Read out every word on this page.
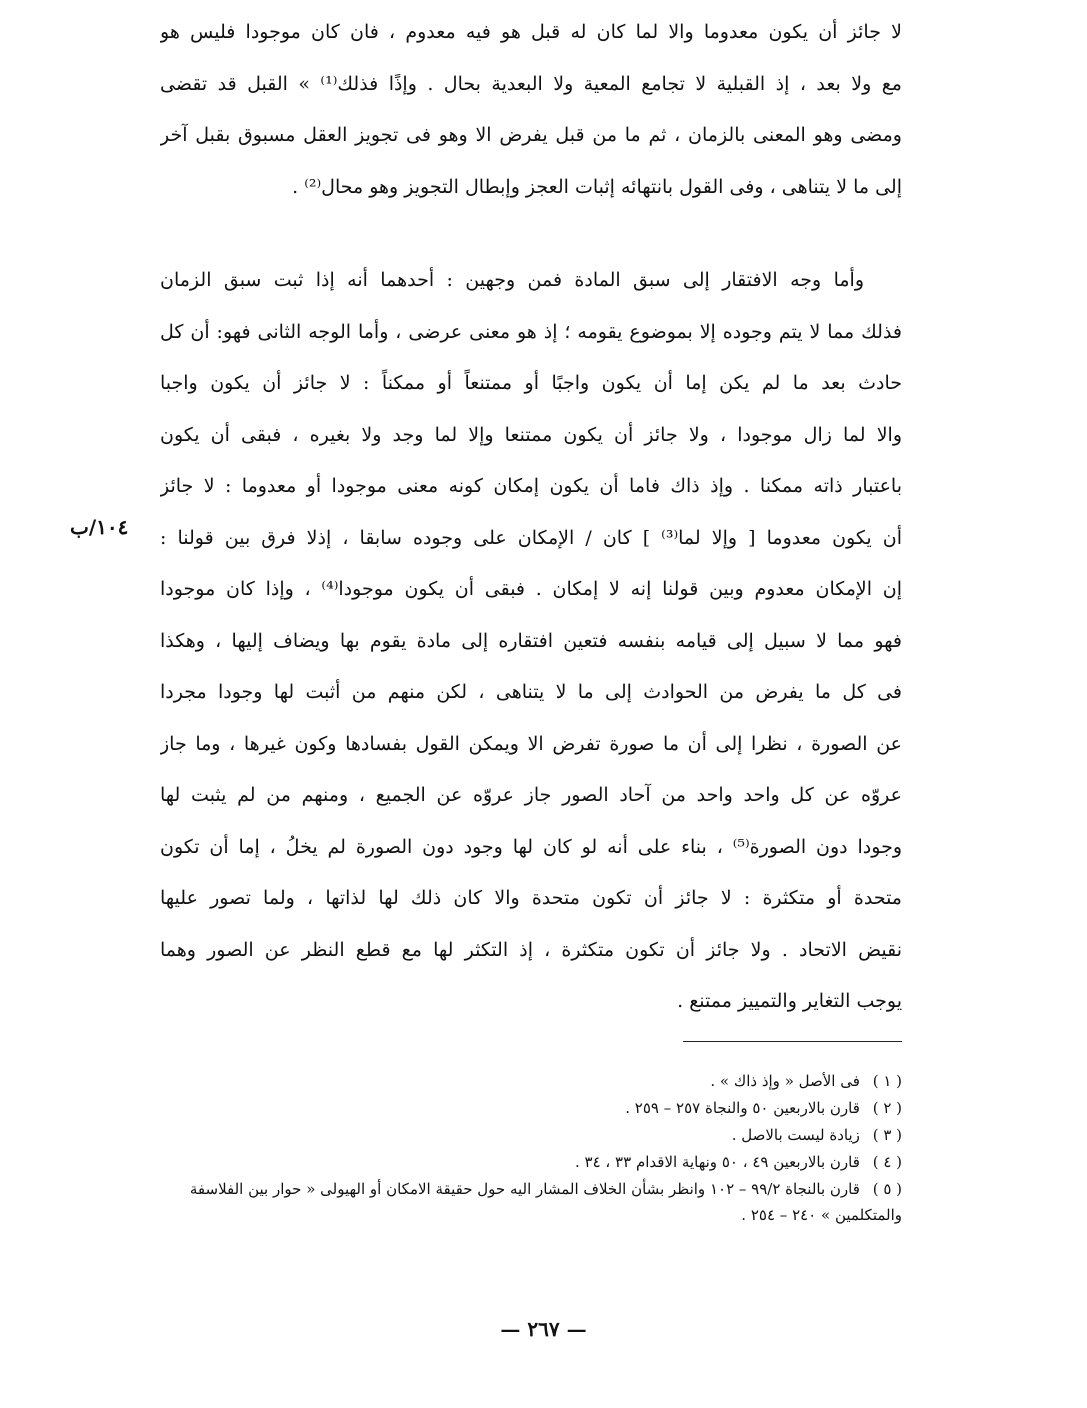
لا جائز أن يكون معدوما والا لما كان له قبل هو فيه معدوم ، فان كان موجودا فليس هو
مع ولا بعد ، إذ القبلية لا تجامع المعية ولا البعدية بحال . وإذًا فذلك⁽¹⁾ » القبل قد تقضى
ومضى وهو المعنى بالزمان ، ثم ما من قبل يفرض الا وهو فى تجويز العقل مسبوق بقبل آخر
إلى ما لا يتناهى ، وفى القول بانتهائه إثبات العجز وإبطال التجويز وهو محال⁽²⁾ .
وأما وجه الافتقار إلى سبق المادة فمن وجهين : أحدهما أنه إذا ثبت سبق الزمان
فذلك مما لا يتم وجوده إلا بموضوع يقومه ؛ إذ هو معنى عرضى ، وأما الوجه الثانى فهو: أن كل
حادث بعد ما لم يكن إما أن يكون واجبًا أو ممتنعاً أو ممكناً : لا جائز أن يكون واجبا
والا لما زال موجودا ، ولا جائز أن يكون ممتنعا وإلا لما وجد ولا بغيره ، فبقى أن يكون
باعتبار ذاته ممكنا . وإذ ذاك فاما أن يكون إمكان كونه معنى موجودا أو معدوما : لا جائز
أن يكون معدوما [ وإلا لما⁽³⁾ ] كان / الإمكان على وجوده سابقا ، إذلا فرق بين قولنا :
إن الإمكان معدوم وبين قولنا إنه لا إمكان . فبقى أن يكون موجودا⁽⁴⁾ ، وإذا كان موجودا
فهو مما لا سبيل إلى قيامه بنفسه فتعين افتقاره إلى مادة يقوم بها ويضاف إليها ، وهكذا
فى كل ما يفرض من الحوادث إلى ما لا يتناهى ، لكن منهم من أثبت لها وجودا مجردا
عن الصورة ، نظرا إلى أن ما صورة تفرض الا ويمكن القول بفسادها وكون غيرها ، وما جاز
عروّه عن كل واحد واحد من آحاد الصور جاز عروّه عن الجميع ، ومنهم من لم يثبت لها
وجودا دون الصورة⁽⁵⁾ ، بناء على أنه لو كان لها وجود دون الصورة لم يخلُ ، إما أن تكون
متحدة أو متكثرة : لا جائز أن تكون متحدة والا كان ذلك لها لذاتها ، ولما تصور عليها
نقيض الاتحاد . ولا جائز أن تكون متكثرة ، إذ التكثر لها مع قطع النظر عن الصور وهما
يوجب التغاير والتمييز ممتنع .
١٠٤/ب
( ١ ) فى الأصل « وإذ ذاك » .
( ٢ ) قارن بالاربعين ٥٠ والنجاة ٢٥٧ – ٢٥٩ .
( ٣ ) زيادة ليست بالاصل .
( ٤ ) قارن بالاربعين ٤٩ ، ٥٠ ونهاية الاقدام ٣٣ ، ٣٤ .
( ٥ ) قارن بالنجاة ٩٩/٢ – ١٠٢ وانظر بشأن الخلاف المشار اليه حول حقيقة الامكان أو الهيولى « حوار بين الفلاسفة والمتكلمين » ٢٤٠ – ٢٥٤ .
— ٢٦٧ —
